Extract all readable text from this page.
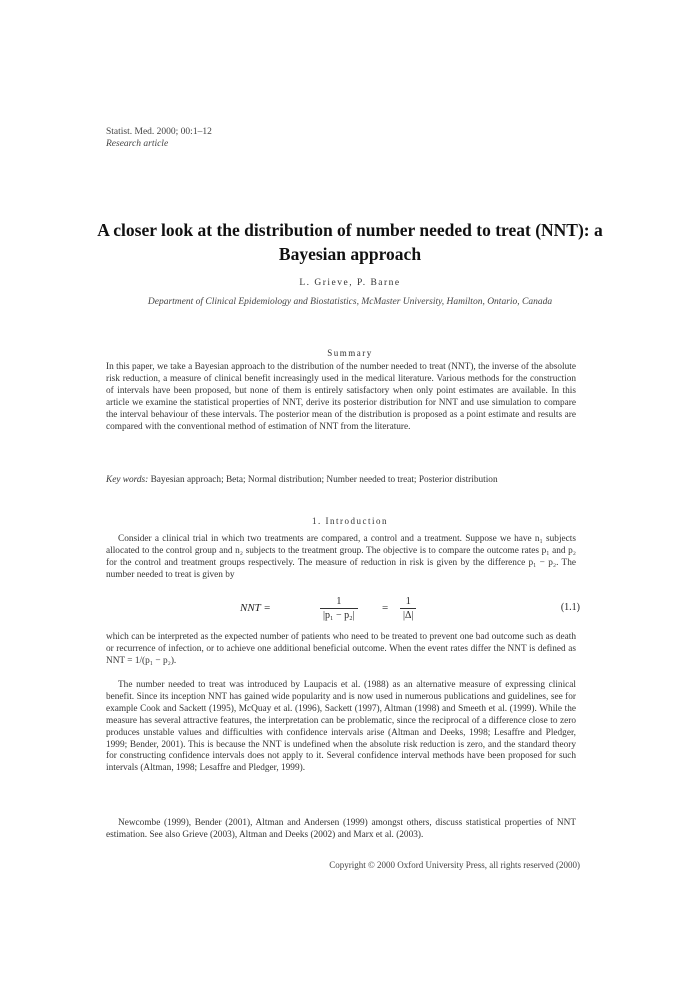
Statist. Med. 2000; 00:1–12
Research article
A closer look at the distribution of number needed to treat (NNT): a Bayesian approach
L. Grieve, P. Barne
Department of Clinical Epidemiology and Biostatistics, McMaster University, Hamilton, Ontario, Canada
Summary

In this paper, we take a Bayesian approach to the distribution of the number needed to treat (NNT), the inverse of the absolute risk reduction, a measure of clinical benefit increasingly used in the medical literature. Various methods for the construction of intervals have been proposed, but none of them is entirely satisfactory when only point estimates are available. In this article we examine the statistical properties of NNT, derive its posterior distribution for NNT and use simulation to compare the interval behaviour of these intervals. The posterior mean of the distribution is proposed as a point estimate and results are compared with the conventional method of estimation of NNT from the literature.

Key words: Bayesian approach; Beta; Normal distribution; Number needed to treat; Posterior distribution
1. Introduction

Consider a clinical trial in which two treatments are compared, a control and a treatment. Suppose we have n₁ subjects allocated to the control group and n₂ subjects to the treatment group. The objective is to compare the outcome rates p₁ and p₂ for the control and treatment groups respectively. The measure of reduction in risk is given by the difference p₁ − p₂. The number needed to treat is given by

NNT =	$\frac{1}{\text{|p₁ − p₂|}} = \frac{1}{|\Delta|}$	(1.1)

which can be interpreted as the expected number of patients who need to be treated to prevent one bad outcome such as death or recurrence of infection, or to achieve one additional beneficial outcome. When the event rates differ the NNT is defined as NNT = 1/(p₁ − p₂).

The number needed to treat was introduced by Laupacis et al. (1988) as an alternative measure of expressing clinical benefit. Since its inception NNT has gained wide popularity and is now used in numerous publications and guidelines, see for example Cook and Sackett (1995), McQuay et al. (1996), Sackett (1997), Altman (1998) and Smeeth et al. (1999). While the measure has several attractive features, the interpretation can be problematic, since the reciprocal of a difference close to zero produces unstable values and difficulties with confidence intervals arise (Altman and Deeks, 1998; Lesaffre and Pledger, 1999; Bender, 2001). This is because the NNT is undefined when the absolute risk reduction is zero, and the standard theory for constructing confidence intervals does not apply to it. Several confidence interval methods have been proposed for such intervals (Altman, 1998; Lesaffre and Pledger, 1999).

Newcombe (1999), Bender (2001), Altman and Andersen (1999) amongst others, discuss statistical properties of NNT estimation. See also Grieve (2003), Altman and Deeks (2002) and Marx et al. (2003).

Copyright © 2000 Oxford University Press, all rights reserved (2000)
